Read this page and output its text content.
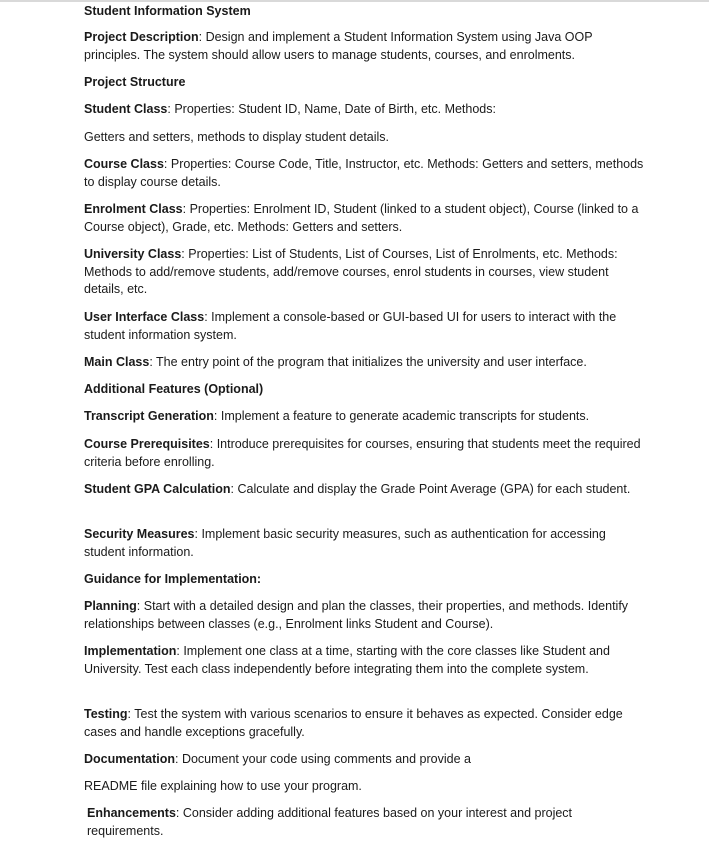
Student Information System

Project Description: Design and implement a Student Information System using Java OOP principles. The system should allow users to manage students, courses, and enrolments.

Project Structure

Student Class: Properties: Student ID, Name, Date of Birth, etc. Methods:

Getters and setters, methods to display student details.

Course Class: Properties: Course Code, Title, Instructor, etc. Methods: Getters and setters, methods to display course details.

Enrolment Class: Properties: Enrolment ID, Student (linked to a student object), Course (linked to a Course object), Grade, etc. Methods: Getters and setters.

University Class: Properties: List of Students, List of Courses, List of Enrolments, etc. Methods: Methods to add/remove students, add/remove courses, enrol students in courses, view student details, etc.

User Interface Class: Implement a console-based or GUI-based UI for users to interact with the student information system.

Main Class: The entry point of the program that initializes the university and user interface.

Additional Features (Optional)

Transcript Generation: Implement a feature to generate academic transcripts for students.

Course Prerequisites: Introduce prerequisites for courses, ensuring that students meet the required criteria before enrolling.

Student GPA Calculation: Calculate and display the Grade Point Average (GPA) for each student.

Security Measures: Implement basic security measures, such as authentication for accessing student information.

Guidance for Implementation:

Planning: Start with a detailed design and plan the classes, their properties, and methods. Identify relationships between classes (e.g., Enrolment links Student and Course).

Implementation: Implement one class at a time, starting with the core classes like Student and University. Test each class independently before integrating them into the complete system.

Testing: Test the system with various scenarios to ensure it behaves as expected. Consider edge cases and handle exceptions gracefully.

Documentation: Document your code using comments and provide a

README file explaining how to use your program.

Enhancements: Consider adding additional features based on your interest and project requirements.
